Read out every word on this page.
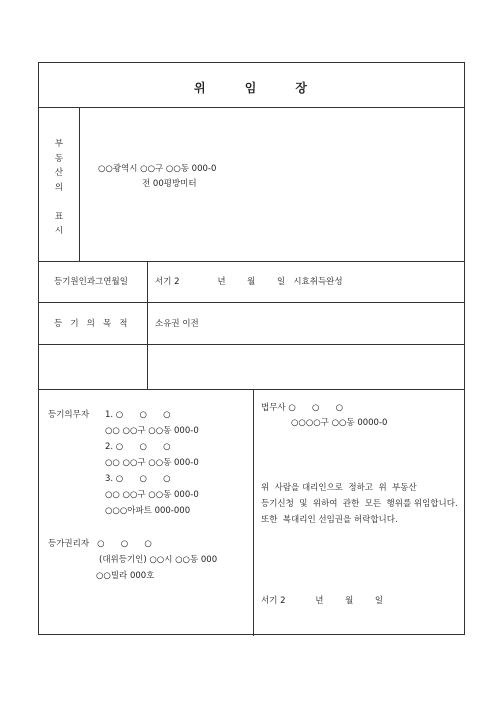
위      임      장
부
동
산
의

표
시
○○광역시 ○○구 ○○동 000-0
전 00평방미터
등기원인과그연월일	서기 2              년        월        일   시효취득완성
등   기   의   목   적	소유권 이전
등기의무자 1. ○      ○      ○
○○ ○○구 ○○동 000-0
2. ○      ○      ○
○○ ○○구 ○○동 000-0
3. ○      ○      ○
○○ ○○구 ○○동 000-0
○○○아파트 000-000
등가권리자   ○      ○      ○
(대위등기인) ○○시 ○○동 000
○○빌라 000호
법무사 ○      ○      ○
○○○○구 ○○동 0000-0
위  사람을 대리인으로  정하고  위  부동산
등기신청  및  위하여  관한  모든  행위를 위임합니다.
또한  복대리인 선임권을 허락합니다.
서기 2           년        월        일
